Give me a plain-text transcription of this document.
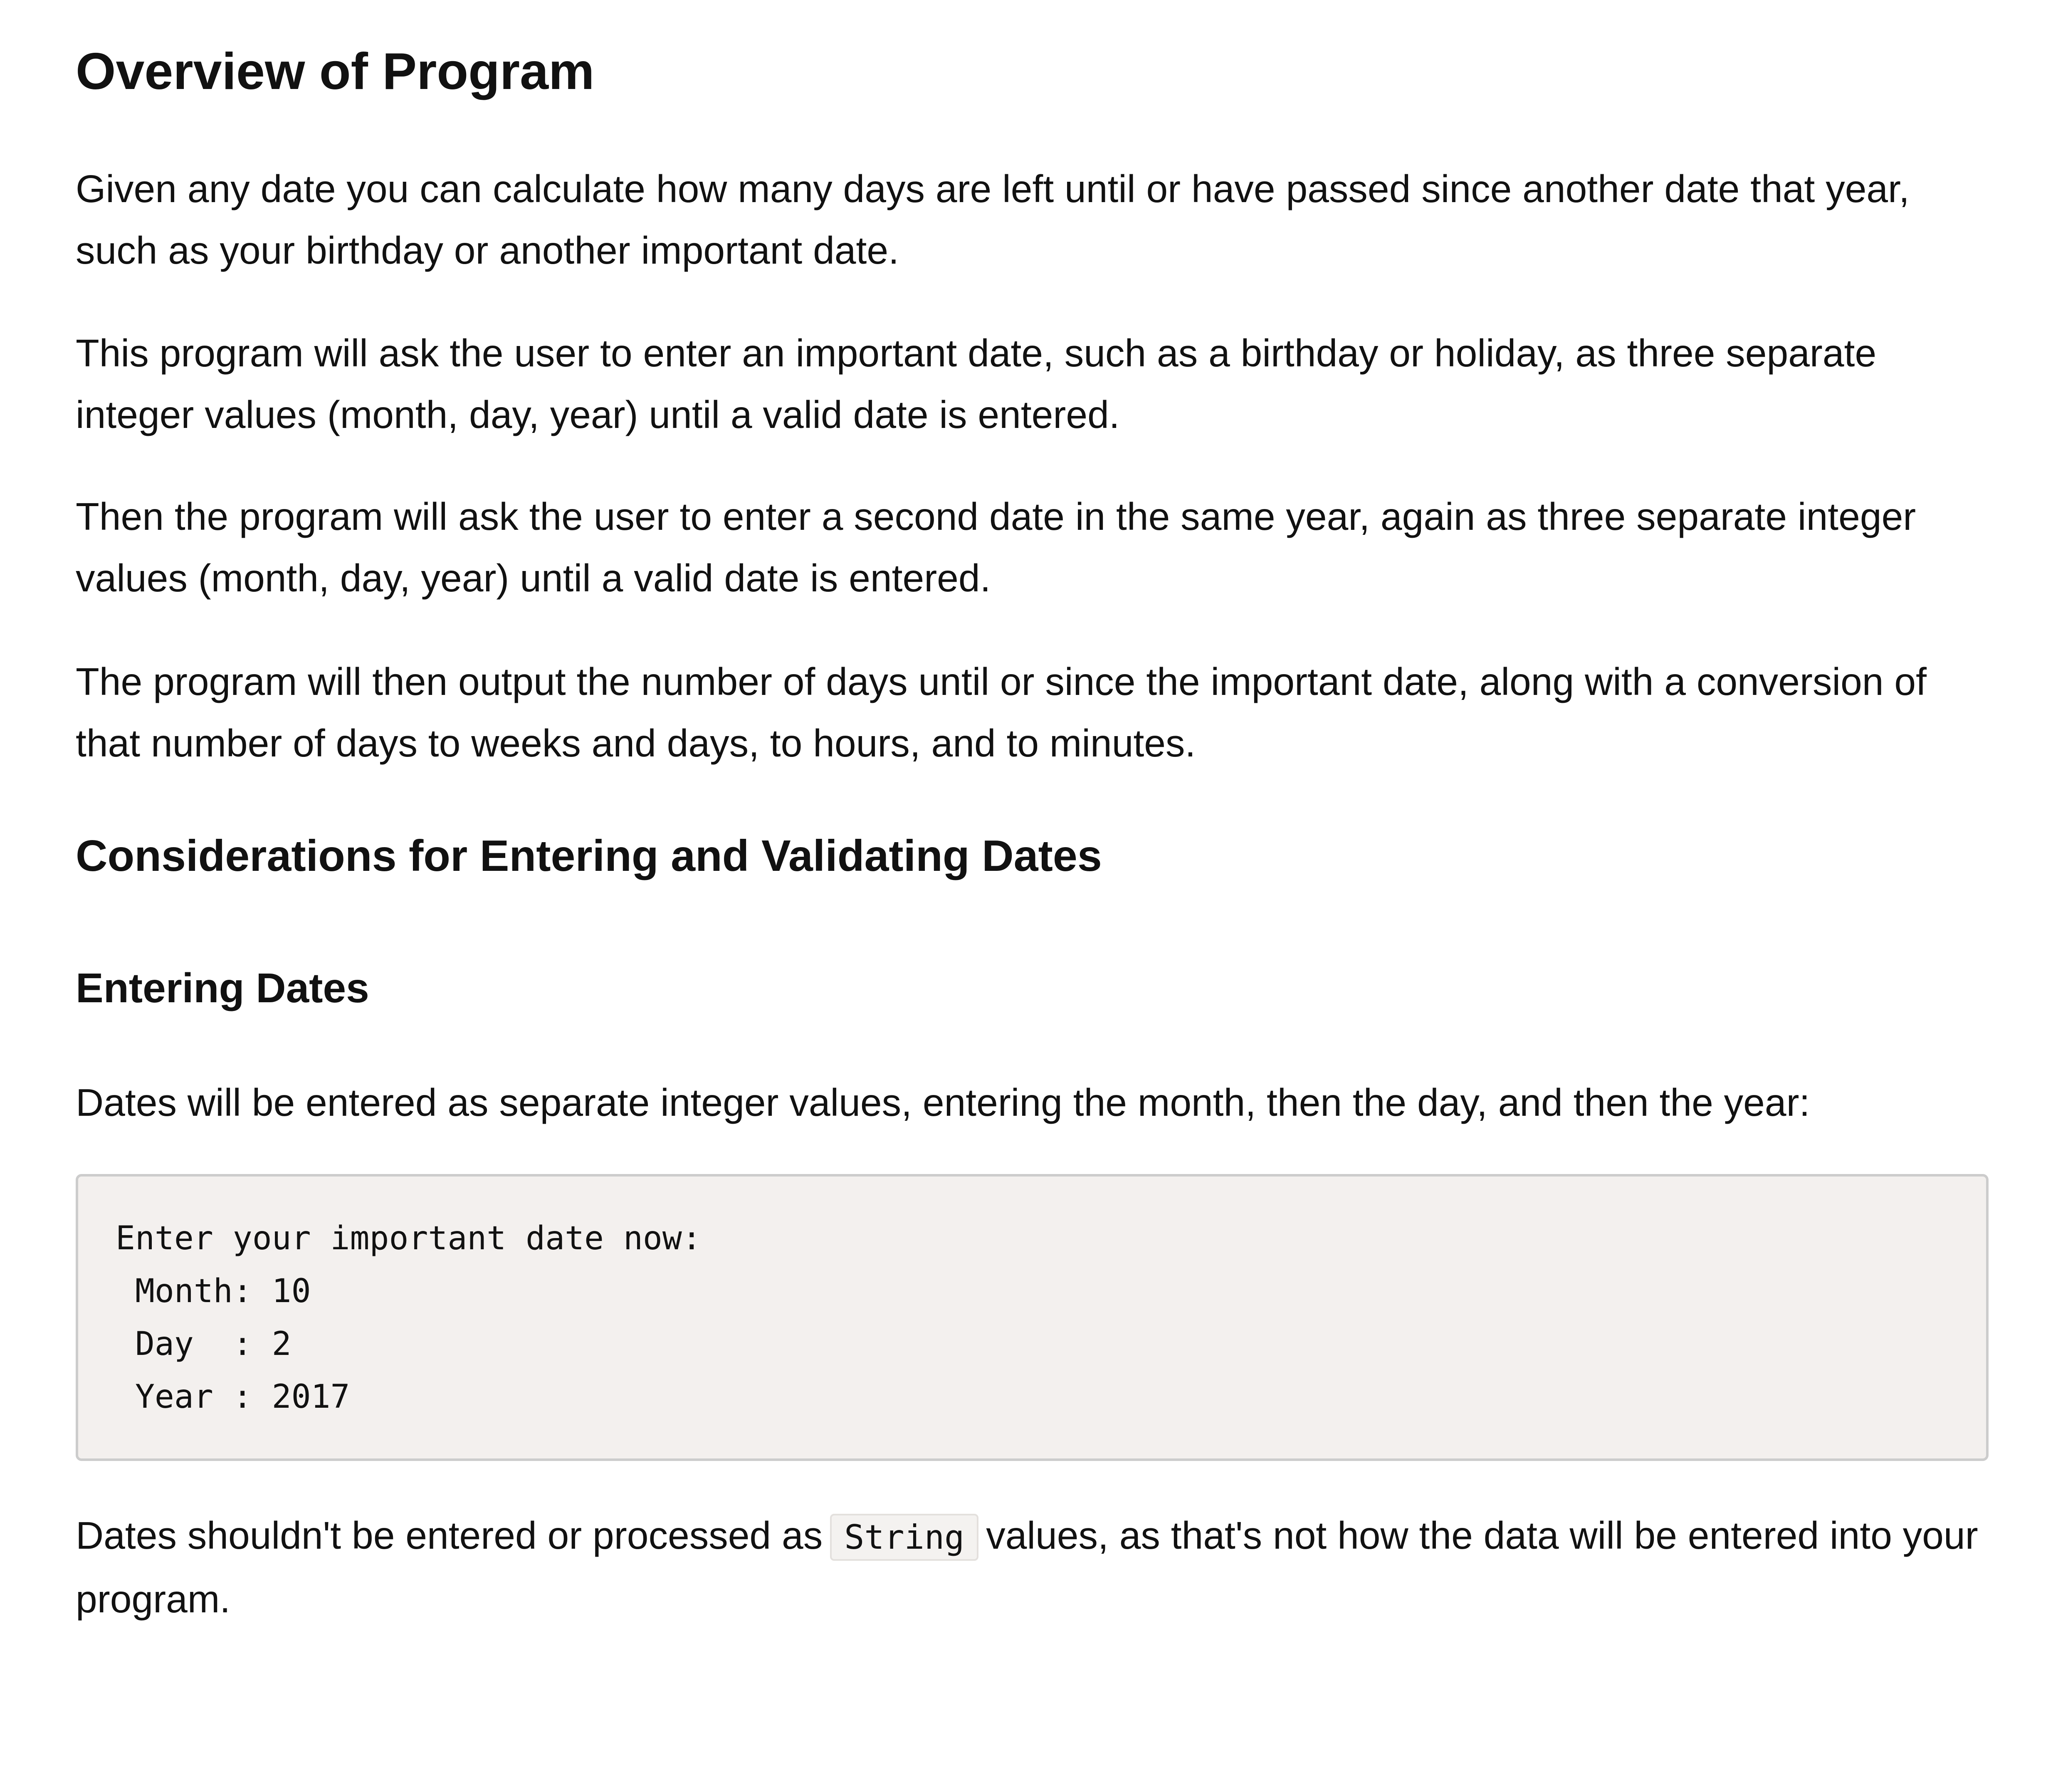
Overview of Program

Given any date you can calculate how many days are left until or have passed since another date that year, such as your birthday or another important date.

This program will ask the user to enter an important date, such as a birthday or holiday, as three separate integer values (month, day, year) until a valid date is entered.

Then the program will ask the user to enter a second date in the same year, again as three separate integer values (month, day, year) until a valid date is entered.

The program will then output the number of days until or since the important date, along with a conversion of that number of days to weeks and days, to hours, and to minutes.

Considerations for Entering and Validating Dates
Entering Dates

Dates will be entered as separate integer values, entering the month, then the day, and then the year:

Enter your important date now:
Month: 10
Day  : 2
Year : 2017

Dates shouldn't be entered or processed as String values, as that's not how the data will be entered into your program.
